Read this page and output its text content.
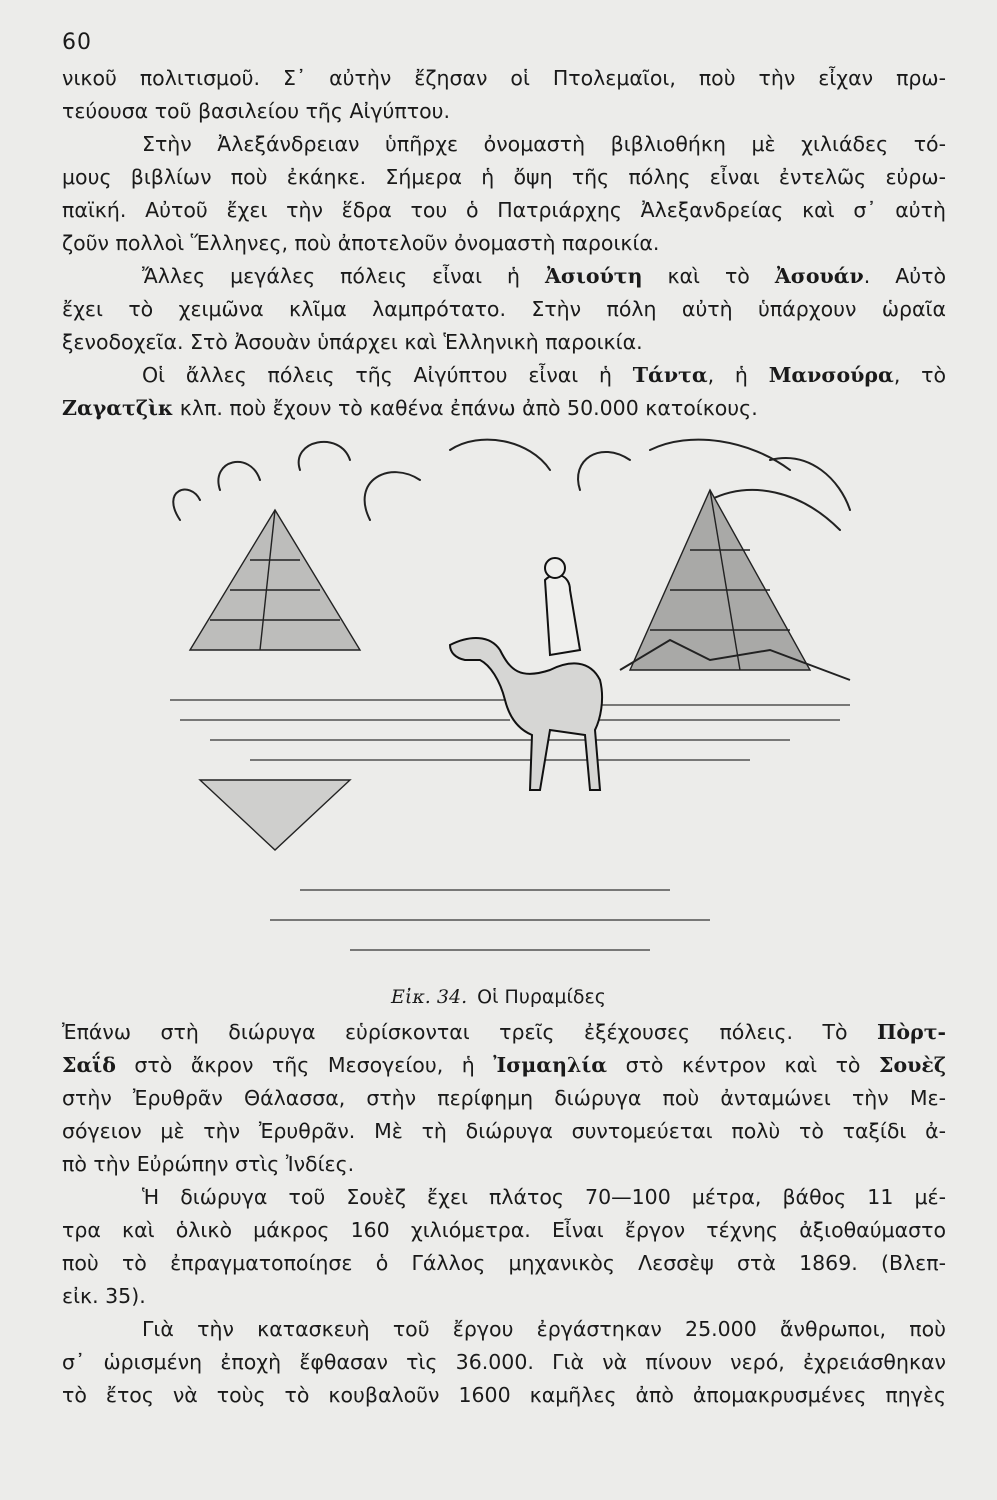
60
νικοῦ πολιτισμοῦ. Σ᾽ αὐτὴν ἔζησαν οἱ Πτολεμαῖοι, ποὺ τὴν εἶχαν πρω-
τεύουσα τοῦ βασιλείου τῆς Αἰγύπτου.
Στὴν Ἀλεξάνδρειαν ὑπῆρχε ὀνομαστὴ βιβλιοθήκη μὲ χιλιάδες τό-
μους βιβλίων ποὺ ἐκάηκε. Σήμερα ἡ ὄψη τῆς πόλης εἶναι ἐντελῶς εὐρω-
παϊκή. Αὐτοῦ ἔχει τὴν ἕδρα του ὁ Πατριάρχης Ἀλεξανδρείας καὶ σ᾽ αὐτὴ
ζοῦν πολλοὶ Ἕλληνες, ποὺ ἀποτελοῦν ὀνομαστὴ παροικία.
Ἄλλες μεγάλες πόλεις εἶναι ἡ Ἀσιούτη καὶ τὸ Ἀσουάν. Αὐτὸ
ἔχει τὸ χειμῶνα κλῖμα λαμπρότατο. Στὴν πόλη αὐτὴ ὑπάρχουν ὡραῖα
ξενοδοχεῖα. Στὸ Ἀσουὰν ὑπάρχει καὶ Ἑλληνικὴ παροικία.
Οἱ ἄλλες πόλεις τῆς Αἰγύπτου εἶναι ἡ Τάντα, ἡ Μανσούρα, τὸ
Ζαγατζὶκ κλπ. ποὺ ἔχουν τὸ καθένα ἐπάνω ἀπὸ 50.000 κατοίκους.
Εἰκ. 34. Οἱ Πυραμίδες
Ἐπάνω στὴ διώρυγα εὑρίσκονται τρεῖς ἐξέχουσες πόλεις. Τὸ Πὸρτ-
Σαΐδ στὸ ἄκρον τῆς Μεσογείου, ἡ Ἰσμαηλία στὸ κέντρον καὶ τὸ Σουὲζ
στὴν Ἐρυθρᾶν Θάλασσα, στὴν περίφημη διώρυγα ποὺ ἀνταμώνει τὴν Με-
σόγειον μὲ τὴν Ἐρυθρᾶν. Μὲ τὴ διώρυγα συντομεύεται πολὺ τὸ ταξίδι ἀ-
πὸ τὴν Εὐρώπην στὶς Ἰνδίες.
Ἡ διώρυγα τοῦ Σουὲζ ἔχει πλάτος 70—100 μέτρα, βάθος 11 μέ-
τρα καὶ ὁλικὸ μάκρος 160 χιλιόμετρα. Εἶναι ἔργον τέχνης ἀξιοθαύμαστο
ποὺ τὸ ἐπραγματοποίησε ὁ Γάλλος μηχανικὸς Λεσσὲψ στὰ 1869. (Βλεπ-
εἰκ. 35).
Γιὰ τὴν κατασκευὴ τοῦ ἔργου ἐργάστηκαν 25.000 ἄνθρωποι, ποὺ
σ᾽ ὡρισμένη ἐποχὴ ἔφθασαν τὶς 36.000. Γιὰ νὰ πίνουν νερό, ἐχρειάσθηκαν
τὸ ἔτος νὰ τοὺς τὸ κουβαλοῦν 1600 καμῆλες ἀπὸ ἀπομακρυσμένες πηγὲς
